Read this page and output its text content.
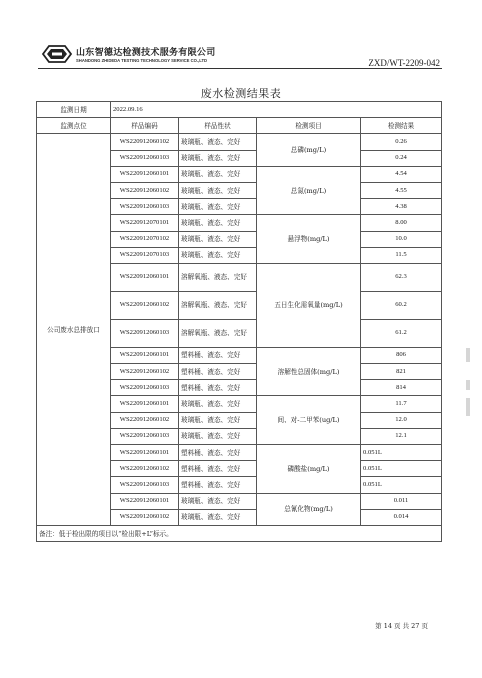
山东智德达检测技术服务有限公司
SHANDONG ZHIDEDA TESTING TECHNOLOGY SERVICE CO.,LTD	ZXD/WT-2209-042
废水检测结果表
监测日期	2022.09.16			
监测点位	样品编码	样品性状	检测项目	检测结果
公司废水总排放口	WS220912060102	玻璃瓶、液态、完好	总磷(mg/L)	0.26
	WS220912060103	玻璃瓶、液态、完好		0.24
	WS220912060101	玻璃瓶、液态、完好	总氮(mg/L)	4.54
	WS220912060102	玻璃瓶、液态、完好		4.55
	WS220912060103	玻璃瓶、液态、完好		4.38
	WS220912070101	玻璃瓶、液态、完好	悬浮物(mg/L)	8.00
	WS220912070102	玻璃瓶、液态、完好		10.0
	WS220912070103	玻璃瓶、液态、完好		11.5
	WS220912060101	溶解氧瓶、液态、完好	五日生化需氧量(mg/L)	62.3
	WS220912060102	溶解氧瓶、液态、完好		60.2
	WS220912060103	溶解氧瓶、液态、完好		61.2
	WS220912060101	塑料桶、液态、完好	溶解性总固体(mg/L)	806
	WS220912060102	塑料桶、液态、完好		821
	WS220912060103	塑料桶、液态、完好		814
	WS220912060101	玻璃瓶、液态、完好	间、对-二甲苯(ug/L)	11.7
	WS220912060102	玻璃瓶、液态、完好		12.0
	WS220912060103	玻璃瓶、液态、完好		12.1
	WS220912060101	塑料桶、液态、完好	磷酸盐(mg/L)	0.051L
	WS220912060102	塑料桶、液态、完好		0.051L
	WS220912060103	塑料桶、液态、完好		0.051L
	WS220912060101	玻璃瓶、液态、完好	总氰化物(mg/L)	0.011
	WS220912060102	玻璃瓶、液态、完好		0.014
备注：低于检出限的项目以“检出限+L”标示。				
第 14 页 共 27 页
